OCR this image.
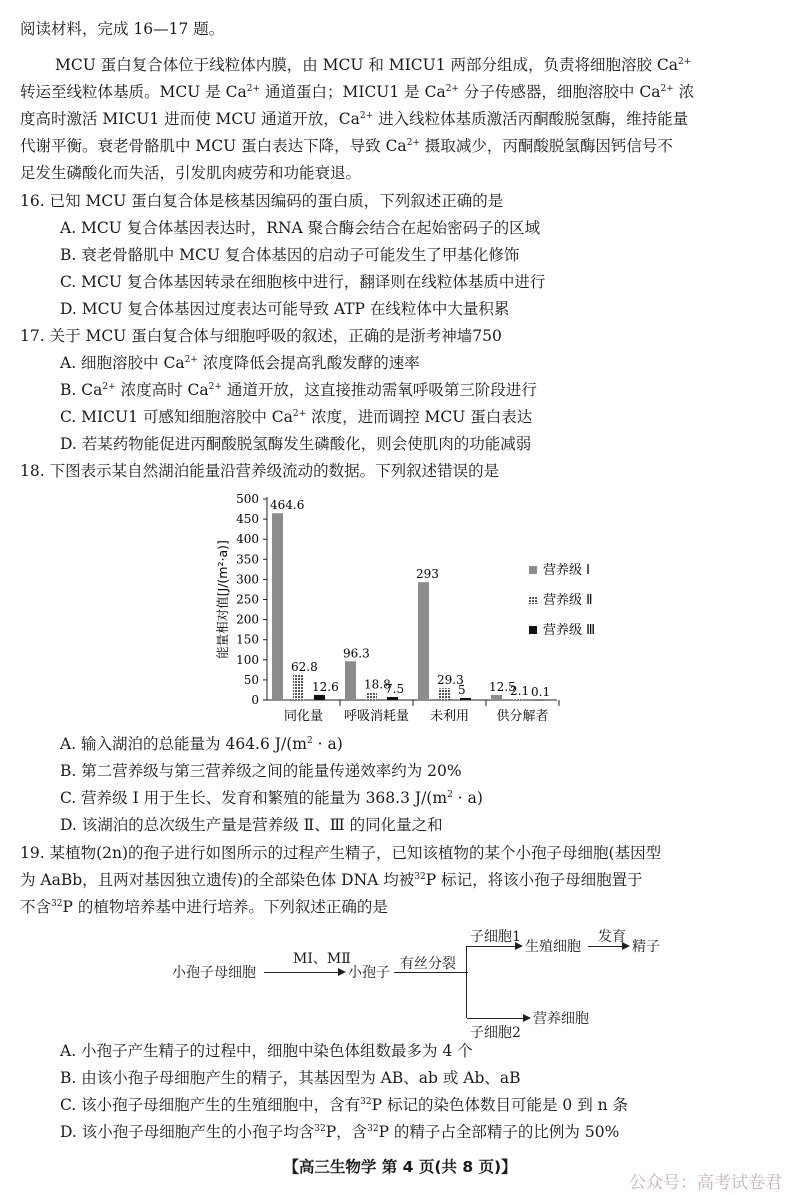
阅读材料，完成 16—17 题。
MCU 蛋白复合体位于线粒体内膜，由 MCU 和 MICU1 两部分组成，负责将细胞溶胶 $Ca^{2+}$
转运至线粒体基质。MCU 是 $Ca^{2+}$ 通道蛋白；MICU1 是 $Ca^{2+}$ 分子传感器，细胞溶胶中 $Ca^{2+}$ 浓
度高时激活 MICU1 进而使 MCU 通道开放，$Ca^{2+}$ 进入线粒体基质激活丙酮酸脱氢酶，维持能量
代谢平衡。衰老骨骼肌中 MCU 蛋白表达下降，导致 $Ca^{2+}$ 摄取减少，丙酮酸脱氢酶因钙信号不
足发生磷酸化而失活，引发肌肉疲劳和功能衰退。
16. 已知 MCU 蛋白复合体是核基因编码的蛋白质，下列叙述正确的是
A. MCU 复合体基因表达时，RNA 聚合酶会结合在起始密码子的区域
B. 衰老骨骼肌中 MCU 复合体基因的启动子可能发生了甲基化修饰
C. MCU 复合体基因转录在细胞核中进行，翻译则在线粒体基质中进行
D. MCU 复合体基因过度表达可能导致 ATP 在线粒体中大量积累
17. 关于 MCU 蛋白复合体与细胞呼吸的叙述，正确的是浙考神墙750
A. 细胞溶胶中 $Ca^{2+}$ 浓度降低会提高乳酸发酵的速率
B. $Ca^{2+}$ 浓度高时 $Ca^{2+}$ 通道开放，这直接推动需氧呼吸第三阶段进行
C. MICU1 可感知细胞溶胶中 $Ca^{2+}$ 浓度，进而调控 MCU 蛋白表达
D. 若某药物能促进丙酮酸脱氢酶发生磷酸化，则会使肌肉的功能减弱
18. 下图表示某自然湖泊能量沿营养级流动的数据。下列叙述错误的是
0
50
100
150
200
250
300
350
400
450
500
能量相对值[J/(m²·a)]
464.6
62.8
12.6
同化量
96.3
18.8
7.5
呼吸消耗量
293
29.3
5
未利用
12.5
2.1 0.1
供分解者
营养级 Ⅰ
营养级 Ⅱ
营养级 Ⅲ
A. 输入湖泊的总能量为 464.6 $J/(m^2 \cdot a)$
B. 第二营养级与第三营养级之间的能量传递效率约为 20%
C. 营养级 Ⅰ 用于生长、发育和繁殖的能量为 368.3 $J/(m^2 \cdot a)$
D. 该湖泊的总次级生产量是营养级 Ⅱ、Ⅲ 的同化量之和
19. 某植物(2n)的孢子进行如图所示的过程产生精子，已知该植物的某个小孢子母细胞(基因型
为 AaBb，且两对基因独立遗传)的全部染色体 DNA 均被$^{32}$P 标记，将该小孢子母细胞置于
不含$^{32}$P 的植物培养基中进行培养。下列叙述正确的是
小孢子母细胞
MⅠ、MⅡ
小孢子
有丝分裂
子细胞1
生殖细胞
发育
精子
营养细胞
子细胞2
A. 小孢子产生精子的过程中，细胞中染色体组数最多为 4 个
B. 由该小孢子母细胞产生的精子，其基因型为 AB、ab 或 Ab、aB
C. 该小孢子母细胞产生的生殖细胞中，含有$^{32}$P 标记的染色体数目可能是 0 到 n 条
D. 该小孢子母细胞产生的小孢子均含$^{32}$P，含$^{32}$P 的精子占全部精子的比例为 50%
【高三生物学 第 4 页(共 8 页)】
公众号：高考试卷君
